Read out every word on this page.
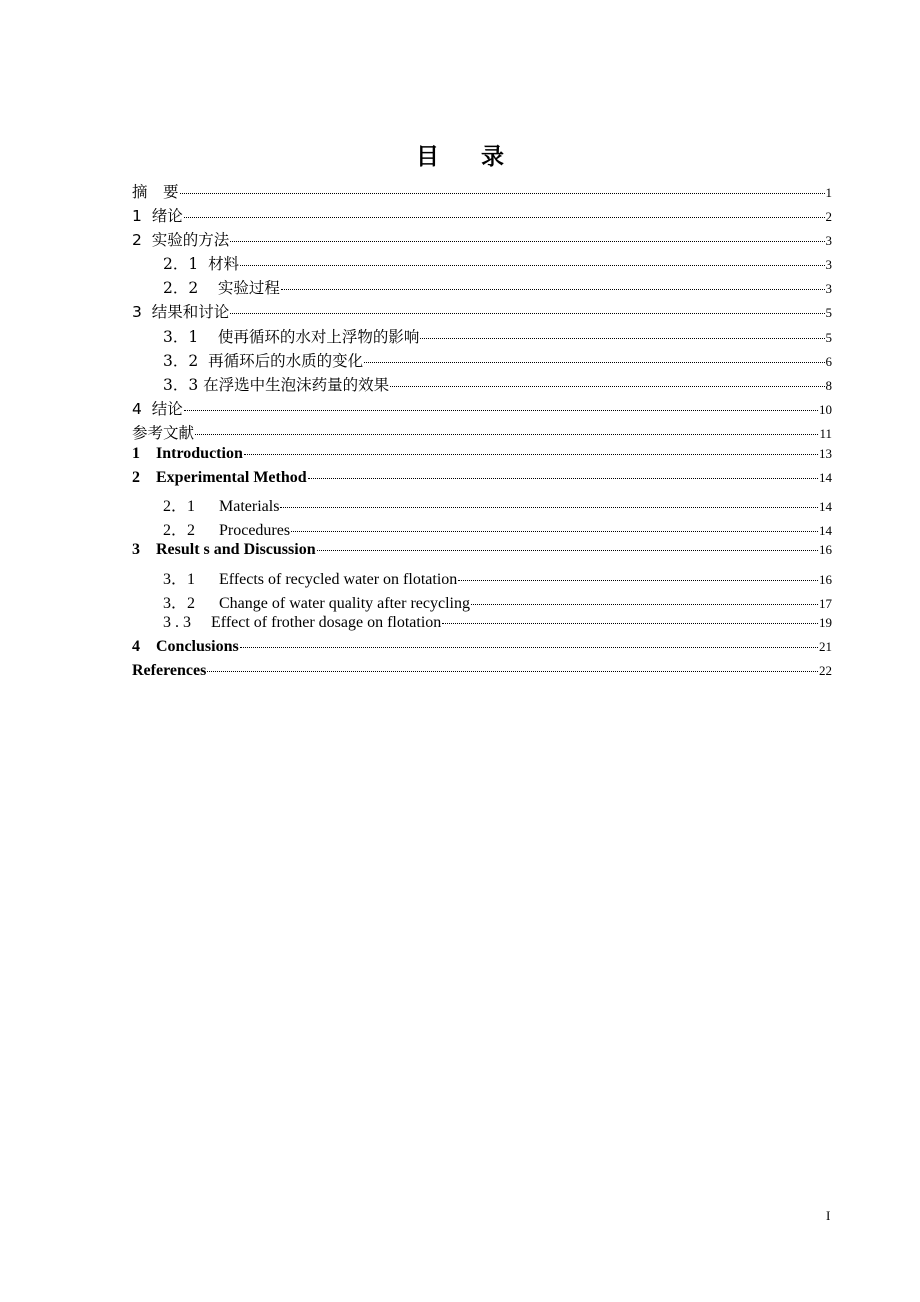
目 录
摘　要	1
1  绪论	2
2  实验的方法	3
2．1  材料	3
2．2    实验过程	3
3  结果和讨论	5
3．1    使再循环的水对上浮物的影响	5
3．2  再循环后的水质的变化	6
3．3 在浮选中生泡沫药量的效果	8
4  结论	10
参考文献	11
1    Introduction	13
2    Experimental Method	14
2．1      Materials	14
2．2      Procedures	14
3    Result s and Discussion	16
3．1      Effects of recycled water on flotation	16
3．2      Change of water quality after recycling	17
3 . 3     Effect of frother dosage on flotation	19
4    Conclusions	21
References	22
I
